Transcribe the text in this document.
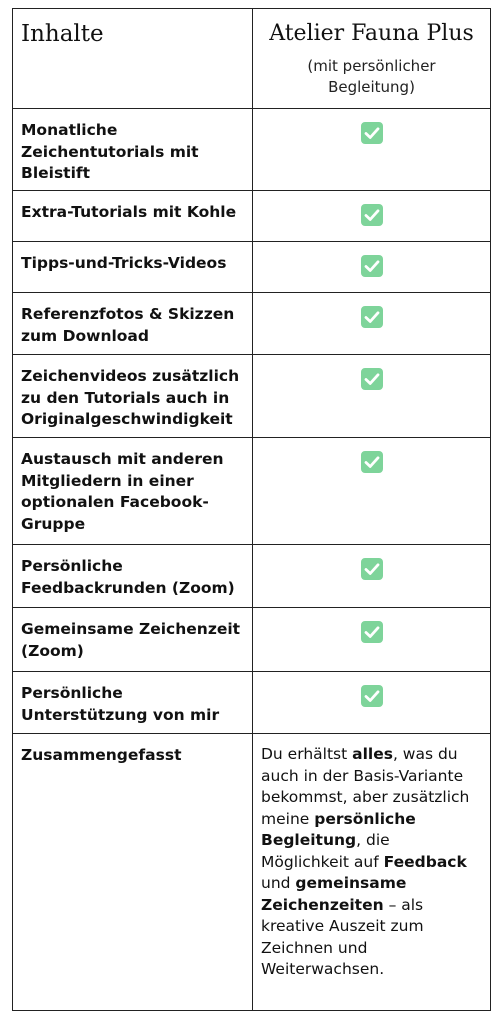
Inhalte	Atelier Fauna Plus
(mit persönlicher Begleitung)

Monatliche Zeichentutorials mit Bleistift

Extra-Tutorials mit Kohle

Tipps-und-Tricks-Videos

Referenzfotos & Skizzen zum Download

Zeichenvideos zusätzlich zu den Tutorials auch in Originalgeschwindigkeit

Austausch mit anderen Mitgliedern in einer optionalen Facebook-Gruppe

Persönliche Feedbackrunden (Zoom)

Gemeinsame Zeichenzeit (Zoom)

Persönliche Unterstützung von mir

Zusammengefasst	Du erhältst alles, was du auch in der Basis-Variante bekommst, aber zusätzlich meine persönliche Begleitung, die Möglichkeit auf Feedback und gemeinsame Zeichenzeiten – als kreative Auszeit zum Zeichnen und Weiterwachsen.
